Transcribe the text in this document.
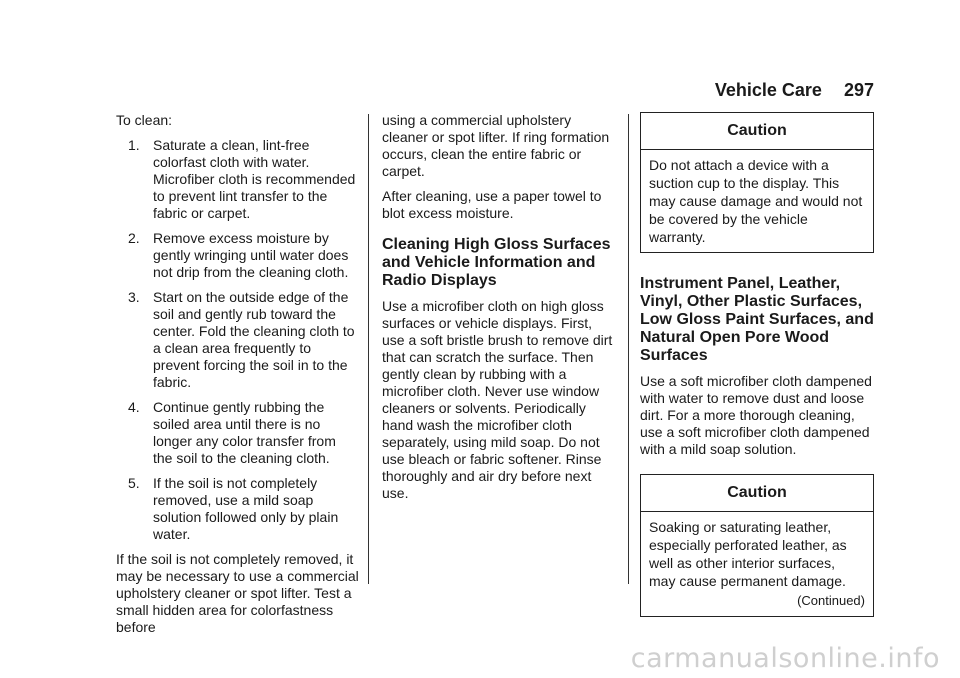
Vehicle Care 297

To clean:

1. Saturate a clean, lint-free colorfast cloth with water. Microfiber cloth is recommended to prevent lint transfer to the fabric or carpet.
2. Remove excess moisture by gently wringing until water does not drip from the cleaning cloth.
3. Start on the outside edge of the soil and gently rub toward the center. Fold the cleaning cloth to a clean area frequently to prevent forcing the soil in to the fabric.
4. Continue gently rubbing the soiled area until there is no longer any color transfer from the soil to the cleaning cloth.
5. If the soil is not completely removed, use a mild soap solution followed only by plain water.

If the soil is not completely removed, it may be necessary to use a commercial upholstery cleaner or spot lifter. Test a small hidden area for colorfastness before

using a commercial upholstery cleaner or spot lifter. If ring formation occurs, clean the entire fabric or carpet.

After cleaning, use a paper towel to blot excess moisture.

Cleaning High Gloss Surfaces and Vehicle Information and Radio Displays

Use a microfiber cloth on high gloss surfaces or vehicle displays. First, use a soft bristle brush to remove dirt that can scratch the surface. Then gently clean by rubbing with a microfiber cloth. Never use window cleaners or solvents. Periodically hand wash the microfiber cloth separately, using mild soap. Do not use bleach or fabric softener. Rinse thoroughly and air dry before next use.

Caution
Do not attach a device with a suction cup to the display. This may cause damage and would not be covered by the vehicle warranty.
Instrument Panel, Leather, Vinyl, Other Plastic Surfaces, Low Gloss Paint Surfaces, and Natural Open Pore Wood Surfaces

Use a soft microfiber cloth dampened with water to remove dust and loose dirt. For a more thorough cleaning, use a soft microfiber cloth dampened with a mild soap solution.

Caution
Soaking or saturating leather, especially perforated leather, as well as other interior surfaces, may cause permanent damage.
(Continued)
carmanualsonline.info
